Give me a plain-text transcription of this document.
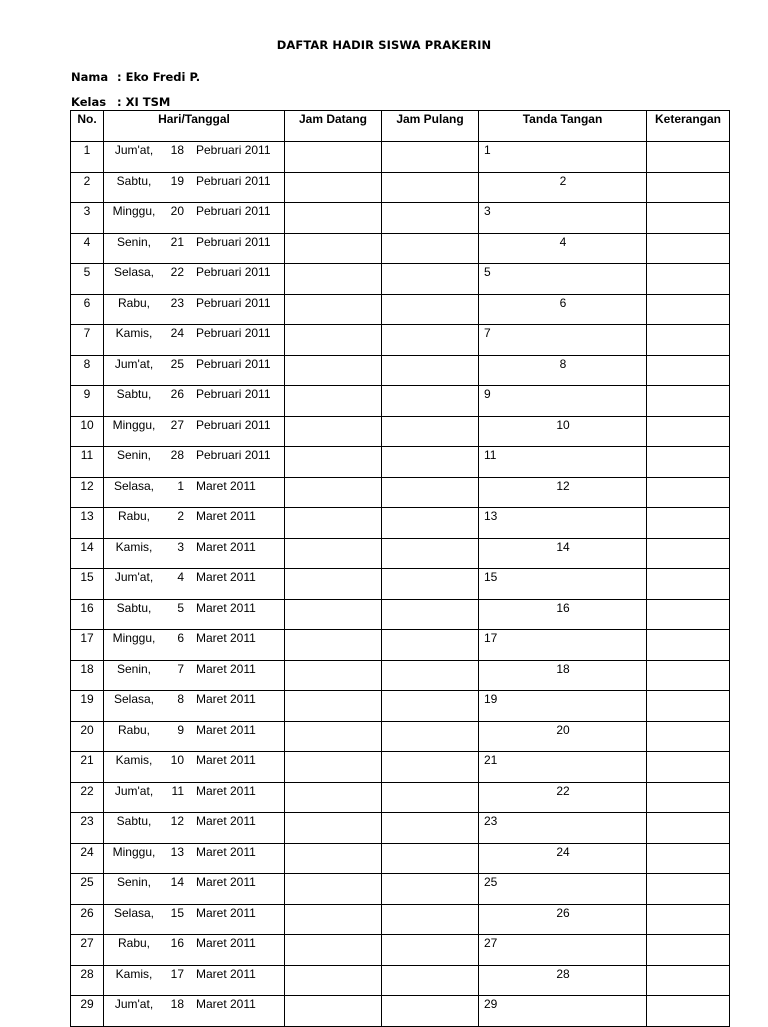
DAFTAR HADIR SISWA PRAKERIN
Nama : Eko Fredi P.
Kelas : XI TSM
No.	Hari/Tanggal	Jam Datang	Jam Pulang	Tanda Tangan	Keterangan
1	Jum'at, 18 Pebruari 2011			1	

2	Sabtu, 19 Pebruari 2011			2	

3	Minggu, 20 Pebruari 2011			3	

4	Senin, 21 Pebruari 2011			4	

5	Selasa, 22 Pebruari 2011			5	

6	Rabu, 23 Pebruari 2011			6	

7	Kamis, 24 Pebruari 2011			7	

8	Jum'at, 25 Pebruari 2011			8	

9	Sabtu, 26 Pebruari 2011			9	

10	Minggu, 27 Pebruari 2011			10	

11	Senin, 28 Pebruari 2011			11	

12	Selasa, 1 Maret 2011			12	

13	Rabu, 2 Maret 2011			13	

14	Kamis, 3 Maret 2011			14	

15	Jum'at, 4 Maret 2011			15	

16	Sabtu, 5 Maret 2011			16	

17	Minggu, 6 Maret 2011			17	

18	Senin, 7 Maret 2011			18	

19	Selasa, 8 Maret 2011			19	

20	Rabu, 9 Maret 2011			20	

21	Kamis, 10 Maret 2011			21	

22	Jum'at, 11 Maret 2011			22	

23	Sabtu, 12 Maret 2011			23	

24	Minggu, 13 Maret 2011			24	

25	Senin, 14 Maret 2011			25	

26	Selasa, 15 Maret 2011			26	

27	Rabu, 16 Maret 2011			27	

28	Kamis, 17 Maret 2011			28	

29	Jum'at, 18 Maret 2011			29	
